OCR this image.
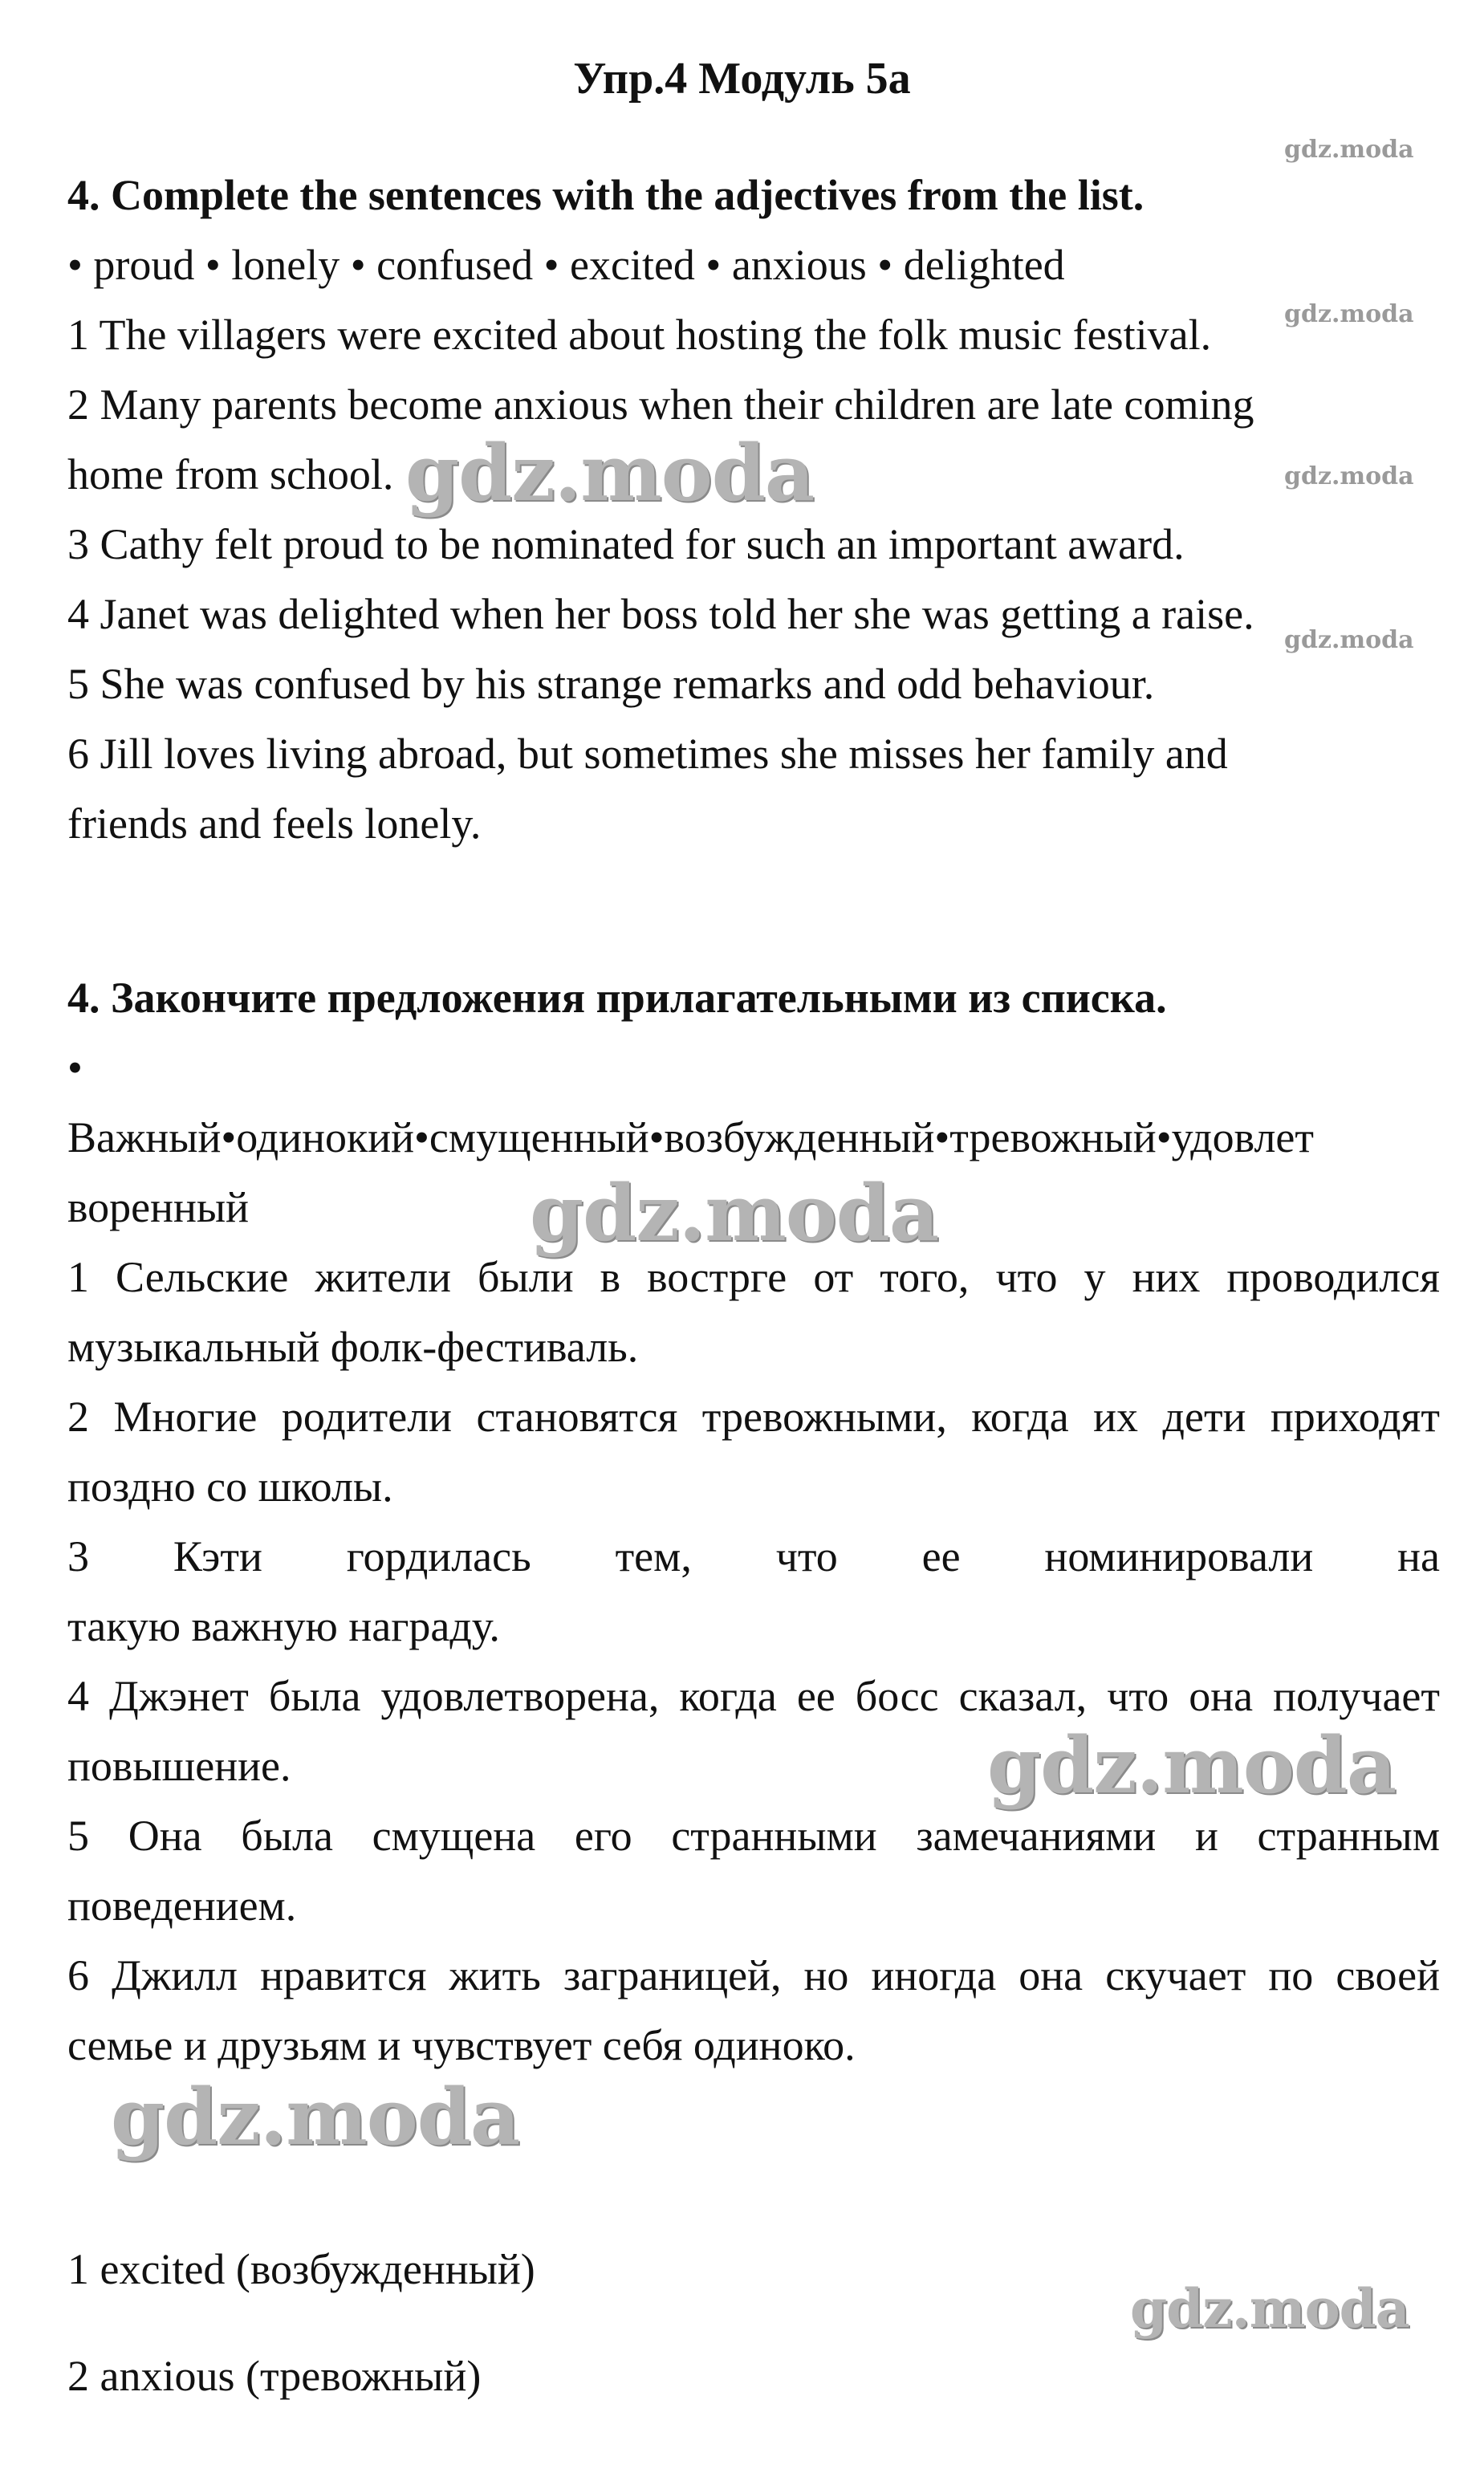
Упр.4 Модуль 5a
4. Complete the sentences with the adjectives from the list.
• proud • lonely • confused • excited • anxious • delighted
1 The villagers were excited about hosting the folk music festival.
2 Many parents become anxious when their children are late coming
home from school.
3 Cathy felt proud to be nominated for such an important award.
4 Janet was delighted when her boss told her she was getting a raise.
5 She was confused by his strange remarks and odd behaviour.
6 Jill loves living abroad, but sometimes she misses her family and
friends and feels lonely.
4. Закончите предложения прилагательными из списка.
•
Важный•одинокий•смущенный•возбужденный•тревожный•удовлет
воренный
1 Сельские жители были в вострге от того, что у них проводился
музыкальный фолк-фестиваль.
2 Многие родители становятся тревожными, когда их дети приходят
поздно со школы.
3 Кэти гордилась тем, что ее номинировали на
такую важную награду.
4 Джэнет была удовлетворена, когда ее босс сказал, что она получает
повышение.
5 Она была смущена его странными замечаниями и странным
поведением.
6 Джилл нравится жить заграницей, но иногда она скучает по своей
семье и друзьям и чувствует себя одиноко.
1 excited (возбужденный)
2 anxious (тревожный)
gdz.moda
gdz.moda
gdz.moda
gdz.moda
gdz.moda
gdz.moda
gdz.moda
gdz.moda
gdz.moda
